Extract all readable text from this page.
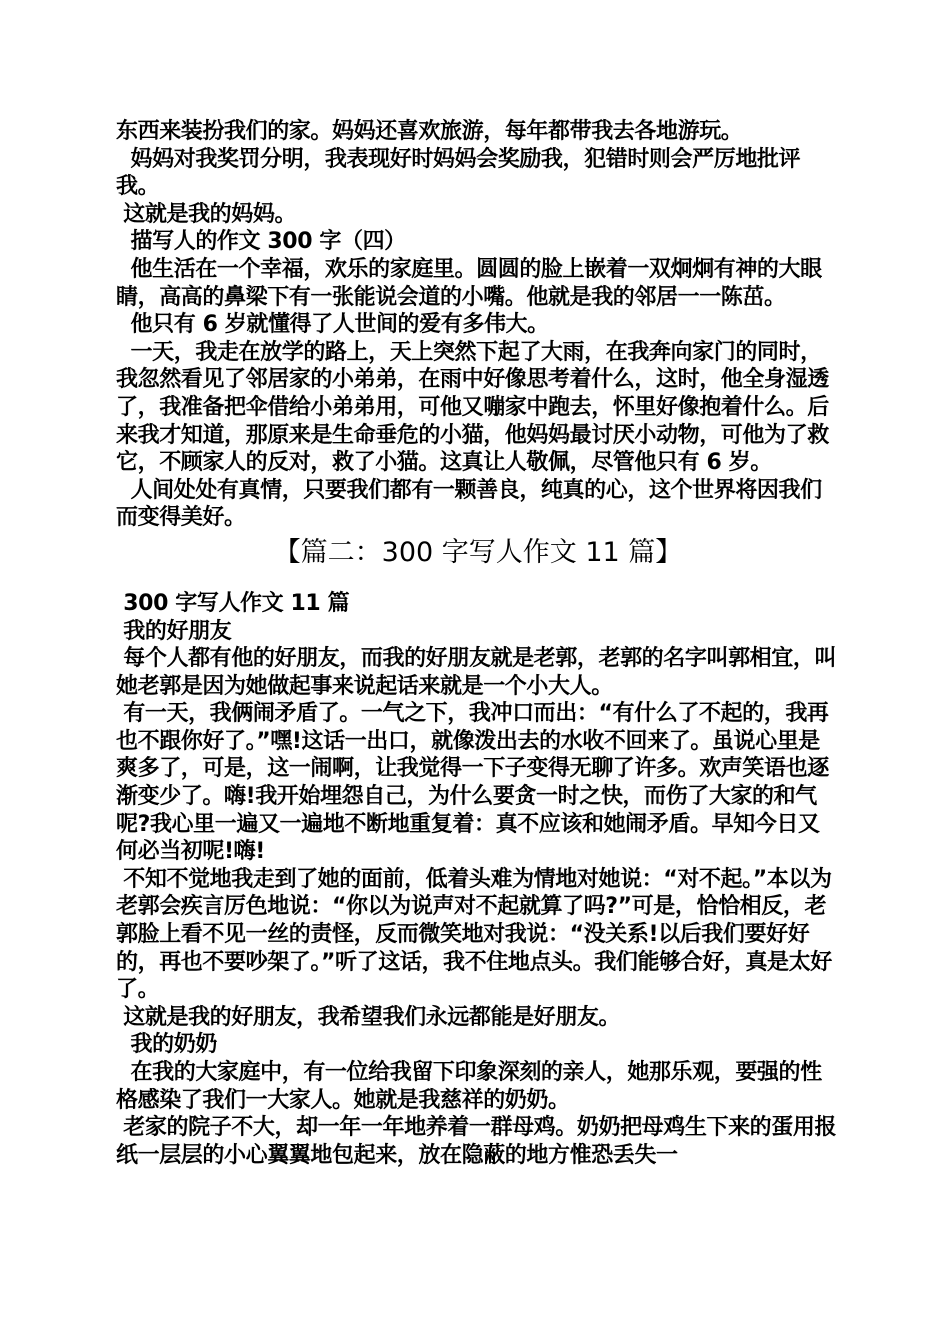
东西来装扮我们的家。妈妈还喜欢旅游，每年都带我去各地游玩。

妈妈对我奖罚分明，我表现好时妈妈会奖励我，犯错时则会严厉地批评我。

这就是我的妈妈。

描写人的作文 300 字（四）

他生活在一个幸福，欢乐的家庭里。圆圆的脸上嵌着一双炯炯有神的大眼睛，高高的鼻梁下有一张能说会道的小嘴。他就是我的邻居一一陈茁。

他只有 6 岁就懂得了人世间的爱有多伟大。

一天，我走在放学的路上，天上突然下起了大雨，在我奔向家门的同时，我忽然看见了邻居家的小弟弟，在雨中好像思考着什么，这时，他全身湿透了，我准备把伞借给小弟弟用，可他又嘣家中跑去，怀里好像抱着什么。后来我才知道，那原来是生命垂危的小猫，他妈妈最讨厌小动物，可他为了救它，不顾家人的反对，救了小猫。这真让人敬佩，尽管他只有 6 岁。

人间处处有真情，只要我们都有一颗善良，纯真的心，这个世界将因我们而变得美好。

【篇二：300 字写人作文 11 篇】

300 字写人作文 11 篇

我的好朋友

每个人都有他的好朋友，而我的好朋友就是老郭，老郭的名字叫郭相宜，叫她老郭是因为她做起事来说起话来就是一个小大人。

有一天，我俩闹矛盾了。一气之下，我冲口而出：“有什么了不起的，我再也不跟你好了。”嘿!这话一出口，就像泼出去的水收不回来了。虽说心里是爽多了，可是，这一闹啊，让我觉得一下子变得无聊了许多。欢声笑语也逐渐变少了。嗨!我开始埋怨自己，为什么要贪一时之快，而伤了大家的和气呢?我心里一遍又一遍地不断地重复着：真不应该和她闹矛盾。早知今日又何必当初呢!嗨!

不知不觉地我走到了她的面前，低着头难为情地对她说：“对不起。”本以为老郭会疾言厉色地说：“你以为说声对不起就算了吗?”可是，恰恰相反，老郭脸上看不见一丝的责怪，反而微笑地对我说：“没关系!以后我们要好好的，再也不要吵架了。”听了这话，我不住地点头。我们能够合好，真是太好了。

这就是我的好朋友，我希望我们永远都能是好朋友。

我的奶奶

在我的大家庭中，有一位给我留下印象深刻的亲人，她那乐观，要强的性格感染了我们一大家人。她就是我慈祥的奶奶。

老家的院子不大，却一年一年地养着一群母鸡。奶奶把母鸡生下来的蛋用报纸一层层的小心翼翼地包起来，放在隐蔽的地方惟恐丢失一
